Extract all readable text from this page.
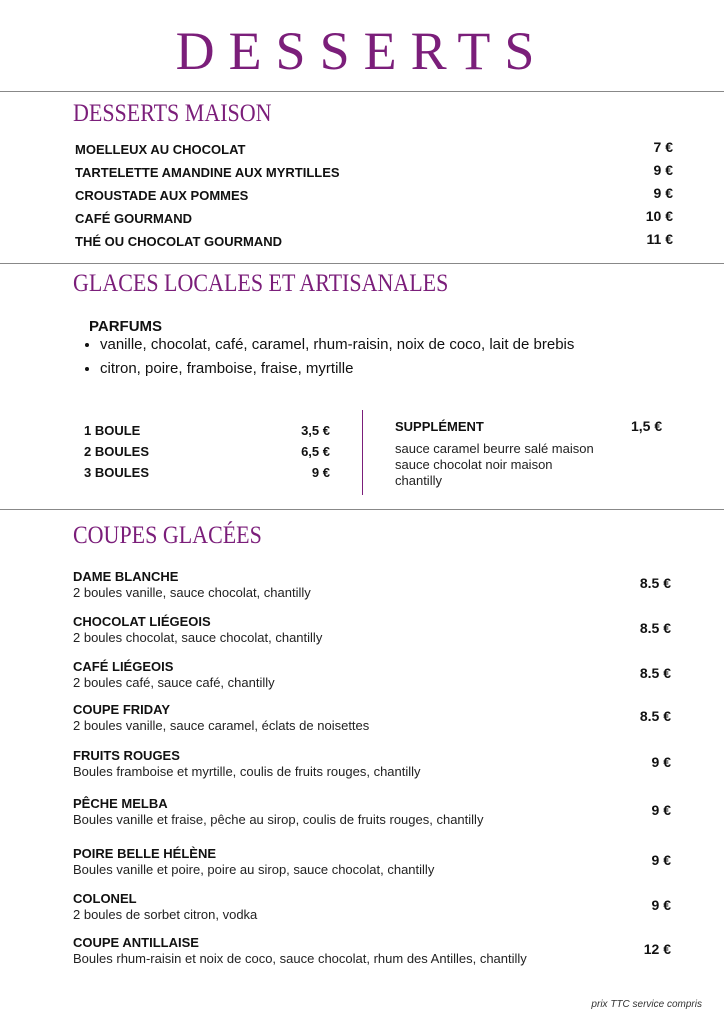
DESSERTS
DESSERTS MAISON
MOELLEUX AU CHOCOLAT	7 €
TARTELETTE AMANDINE AUX MYRTILLES	9 €
CROUSTADE AUX POMMES	9 €
CAFÉ GOURMAND	10 €
THÉ OU CHOCOLAT GOURMAND	11 €
GLACES LOCALES ET ARTISANALES
PARFUMS
• vanille, chocolat, café, caramel, rhum-raisin, noix de coco, lait de brebis
• citron, poire, framboise, fraise, myrtille
1 BOULE	3,5 €
2 BOULES	6,5 €
3 BOULES	9 €
SUPPLÉMENT	1,5 €
sauce caramel beurre salé maison
sauce chocolat noir maison
chantilly
COUPES GLACÉES
DAME BLANCHE
2 boules vanille, sauce chocolat, chantilly
8.5 €
CHOCOLAT LIÉGEOIS
2 boules chocolat, sauce chocolat, chantilly
8.5 €
CAFÉ LIÉGEOIS
2 boules café, sauce café, chantilly
8.5 €
COUPE FRIDAY
2 boules vanille, sauce caramel, éclats de noisettes
8.5 €
FRUITS ROUGES
Boules framboise et myrtille, coulis de fruits rouges, chantilly
9 €
PÊCHE MELBA
Boules vanille et fraise, pêche au sirop, coulis de fruits rouges, chantilly
9 €
POIRE BELLE HÉLÈNE
Boules vanille et poire, poire au sirop, sauce chocolat, chantilly
9 €
COLONEL
2 boules de sorbet citron, vodka
9 €
COUPE ANTILLAISE
Boules rhum-raisin et noix de coco, sauce chocolat, rhum des Antilles, chantilly
12 €
prix TTC service compris
